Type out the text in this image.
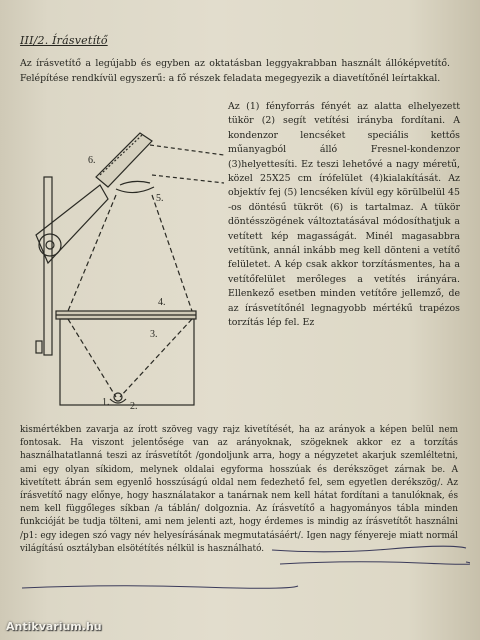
III/2. Írásvetítő

Az írásvetítő a legújabb és egyben az oktatásban leggyakrabban használt állóképvetítő. Felépítése rendkívül egyszerű: a fő részek feladata megegyezik a diavetítőnél leírtakkal.

6.
5.
4.
3.
1. 2.

Az (1) fényforrás fényét az alatta elhelyezett tükör (2) segít vetítési irányba fordítani. A kondenzor lencséket speciális kettős műanyagból álló Fresnel-kondenzor (3)helyettesíti. Ez teszi lehetővé a nagy méretű, közel 25X25 cm írófelület (4)kialakítását. Az objektív fej (5) lencséken kívül egy körülbelül 45 -os döntésű tükröt (6) is tartalmaz. A tükör döntésszögének változtatásával módosíthatjuk a vetített kép magasságát. Minél magasabbra vetítünk, annál inkább meg kell dönteni a vetítő felületet. A kép csak akkor torzításmentes, ha a vetítőfelület merőleges a vetítés irányára. Ellenkező esetben minden vetítőre jellemző, de az írásvetítőnél legnagyobb mértékű trapézos torzítás lép fel. Ez

kismértékben zavarja az írott szöveg vagy rajz kivetítését, ha az arányok a képen belül nem fontosak. Ha viszont jelentősége van az arányoknak, szögeknek akkor ez a torzítás használhatatlanná teszi az írásvetítőt /gondoljunk arra, hogy a négyzetet akarjuk szemléltetni, ami egy olyan síkidom, melynek oldalai egyforma hosszúak és derékszöget zárnak be. A kivetített ábrán sem egyenlő hosszúságú oldal nem fedezhető fel, sem egyetlen derékszög/. Az írásvetítő nagy előnye, hogy használatakor a tanárnak nem kell hátat fordítani a tanulóknak, és nem kell függőleges síkban /a táblán/ dolgoznia. Az írásvetítő a hagyományos tábla minden funkcióját be tudja tölteni, ami nem jelenti azt, hogy érdemes is mindig az írásvetítőt használni /p1: egy idegen szó vagy név helyesírásának megmutatásáért/. Igen nagy fényereje miatt normál világítású osztályban elsötétítés nélkül is használható.

Antikvarium.hu
